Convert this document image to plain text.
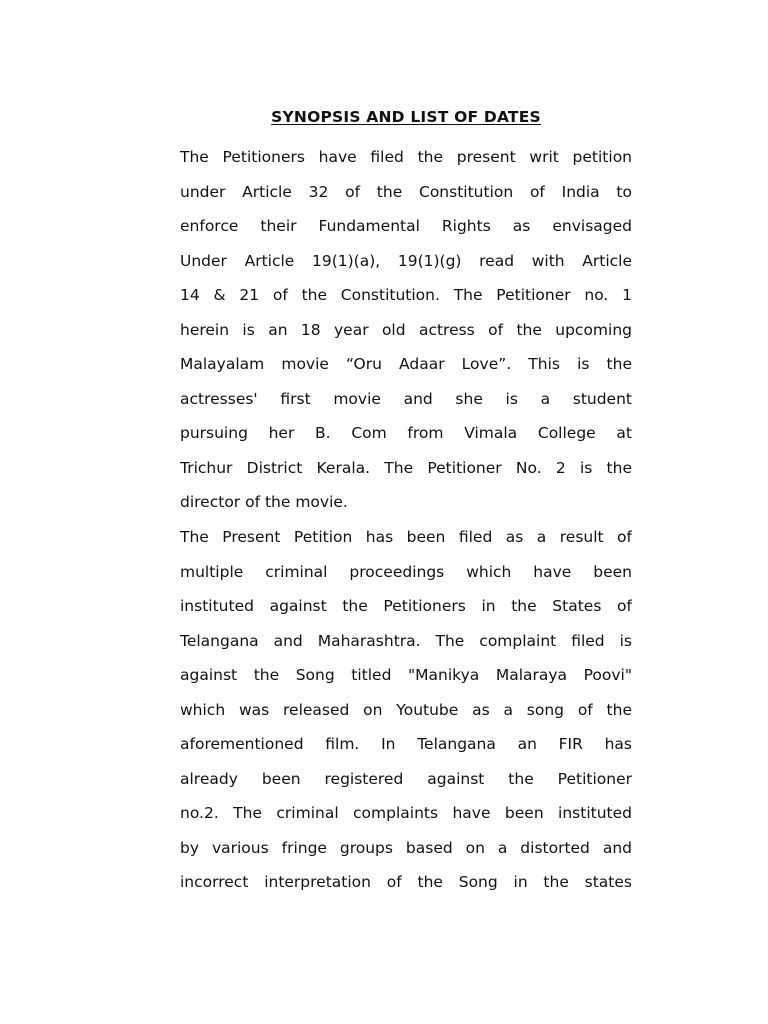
SYNOPSIS AND LIST OF DATES
The Petitioners have filed the present writ petition
under Article 32 of the Constitution of India to
enforce their Fundamental Rights as envisaged
Under Article 19(1)(a), 19(1)(g) read with Article
14 & 21 of the Constitution. The Petitioner no. 1
herein is an 18 year old actress of the upcoming
Malayalam movie “Oru Adaar Love”. This is the
actresses' first movie and she is a student
pursuing her B. Com from Vimala College at
Trichur District Kerala. The Petitioner No. 2 is the
director of the movie.
The Present Petition has been filed as a result of
multiple criminal proceedings which have been
instituted against the Petitioners in the States of
Telangana and Maharashtra. The complaint filed is
against the Song titled "Manikya Malaraya Poovi"
which was released on Youtube as a song of the
aforementioned film. In Telangana an FIR has
already been registered against the Petitioner
no.2. The criminal complaints have been instituted
by various fringe groups based on a distorted and
incorrect interpretation of the Song in the states
